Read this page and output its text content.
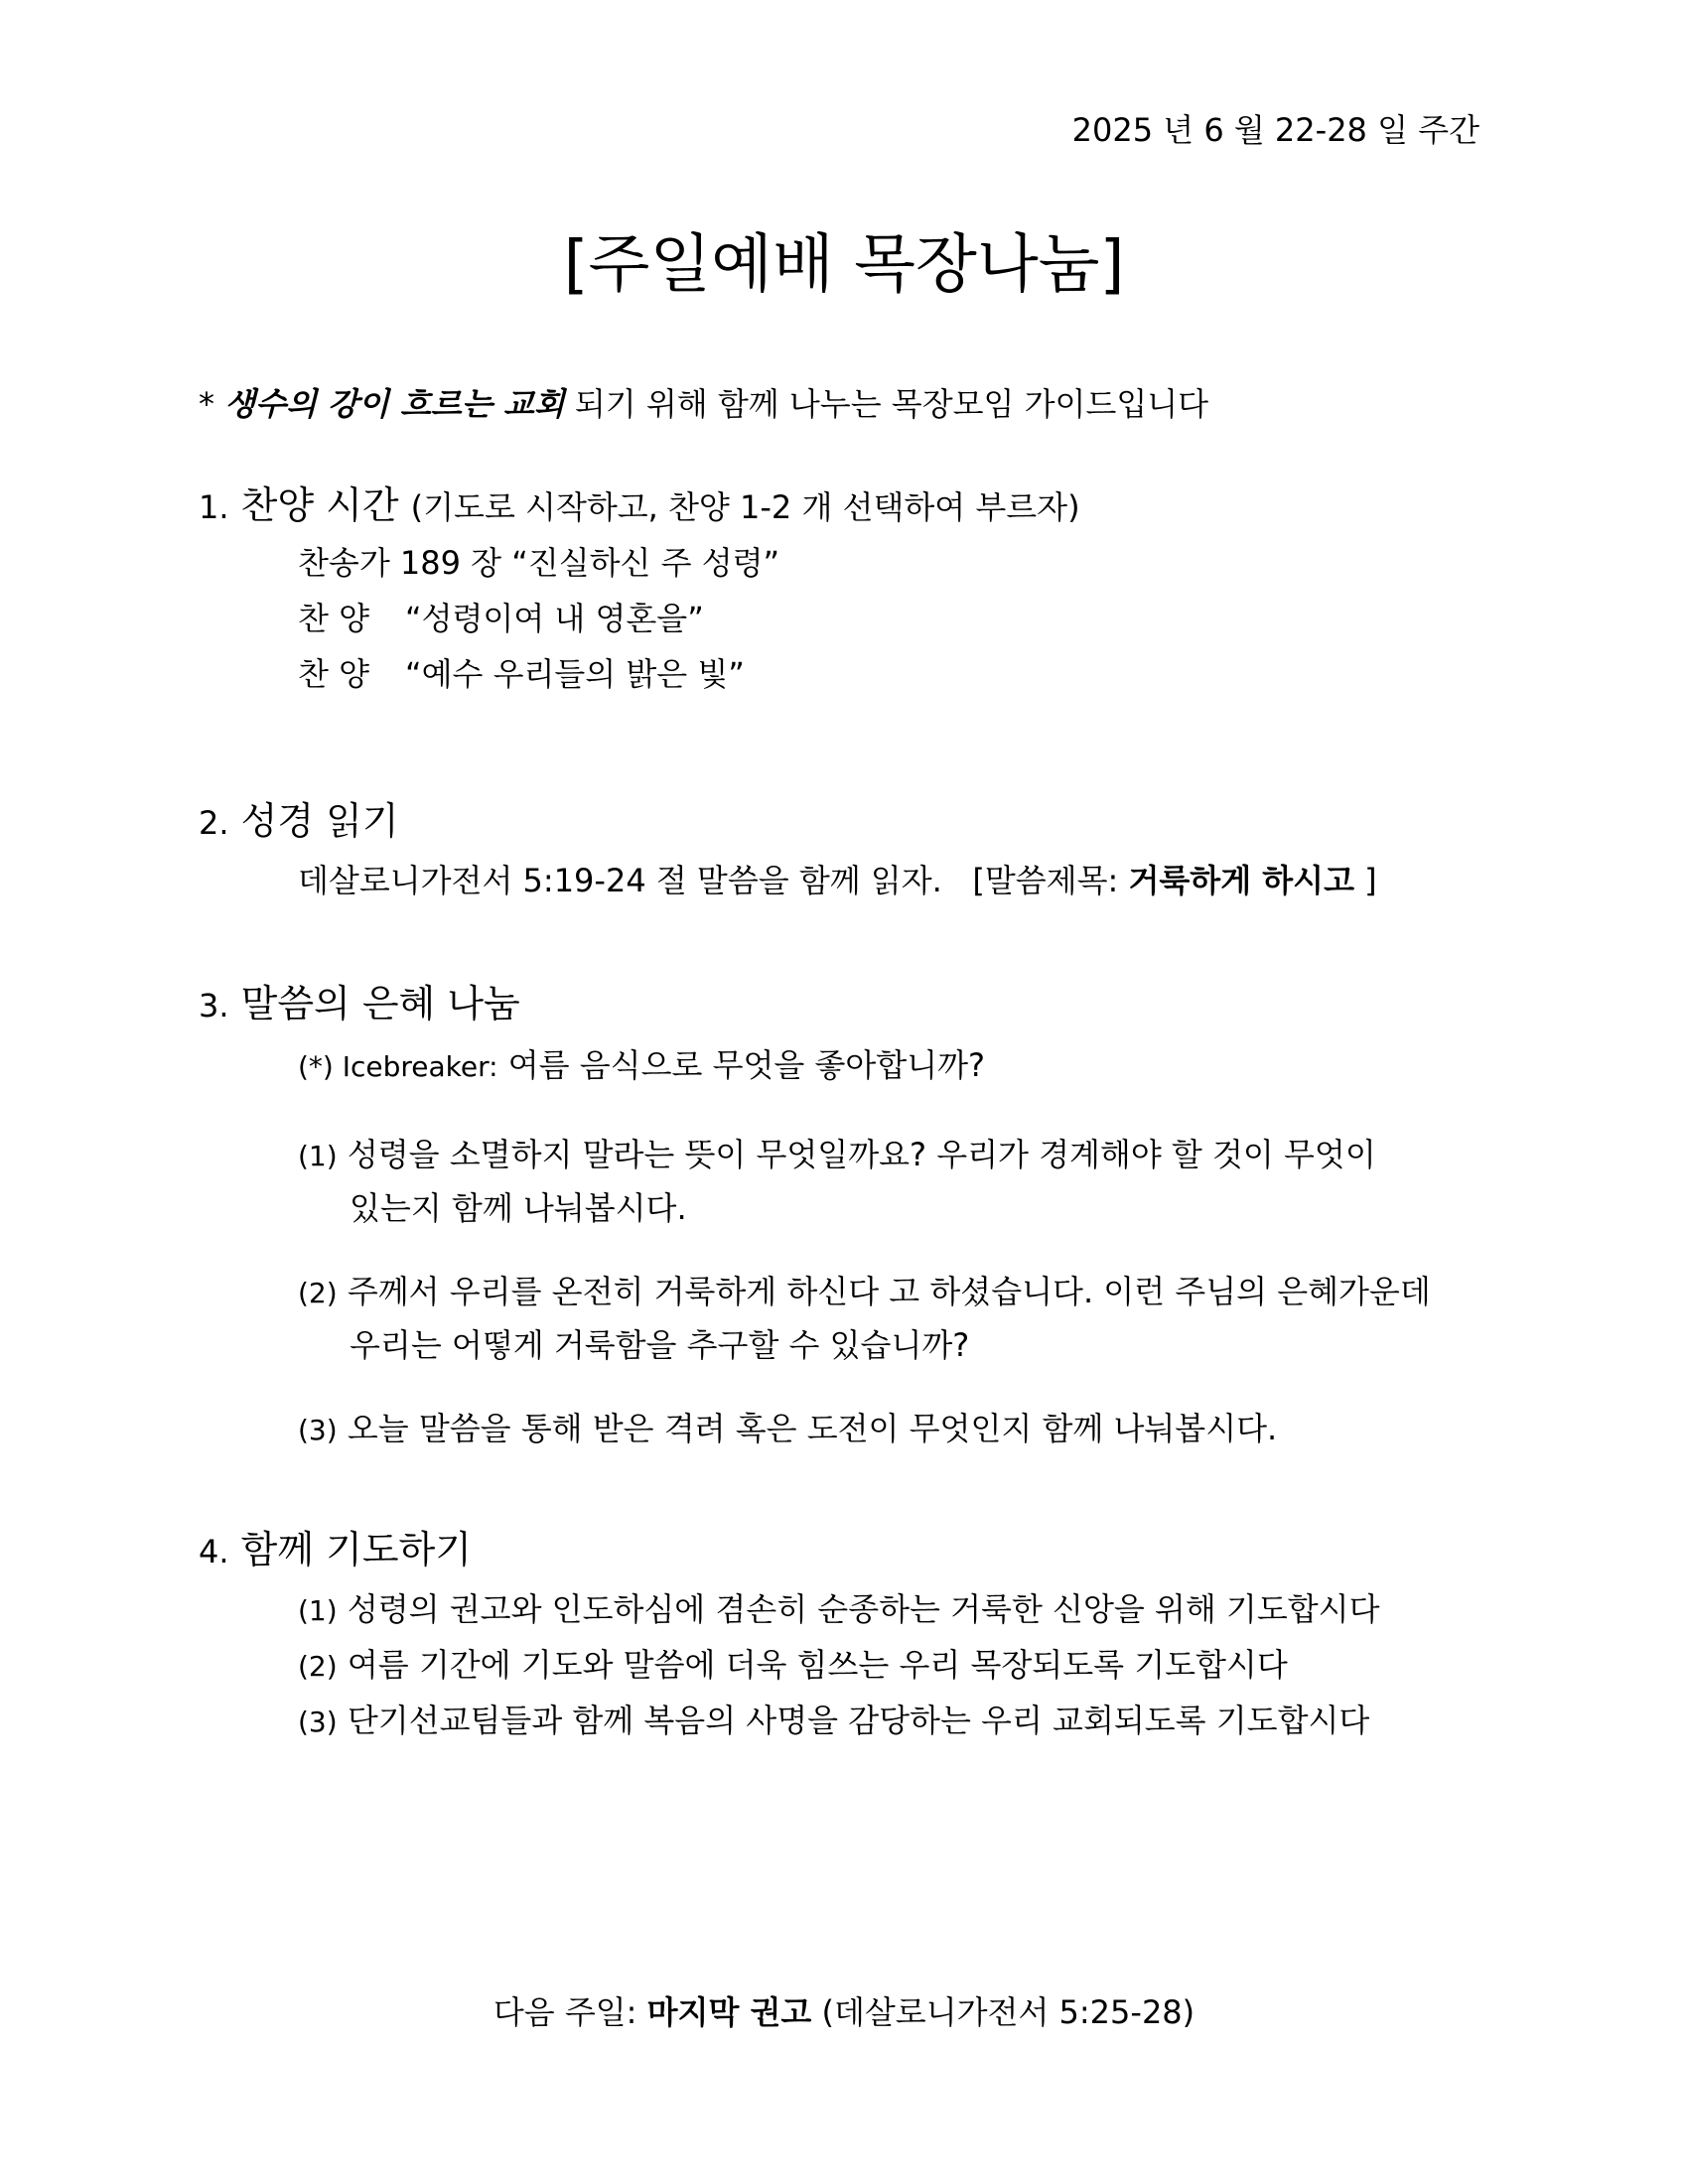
2025 년 6 월 22-28 일 주간
[주일예배 목장나눔]
* 생수의 강이 흐르는 교회 되기 위해 함께 나누는 목장모임 가이드입니다
1. 찬양 시간 (기도로 시작하고, 찬양 1-2 개 선택하여 부르자)
찬송가 189 장 “진실하신 주 성령”
찬 양 “성령이여 내 영혼을”
찬 양 “예수 우리들의 밝은 빛”
2. 성경 읽기
데살로니가전서 5:19-24 절 말씀을 함께 읽자. [말씀제목: 거룩하게 하시고 ]
3. 말씀의 은혜 나눔
(*) Icebreaker: 여름 음식으로 무엇을 좋아합니까?
(1) 성령을 소멸하지 말라는 뜻이 무엇일까요? 우리가 경계해야 할 것이 무엇이
있는지 함께 나눠봅시다.
(2) 주께서 우리를 온전히 거룩하게 하신다 고 하셨습니다. 이런 주님의 은혜가운데
우리는 어떻게 거룩함을 추구할 수 있습니까?
(3) 오늘 말씀을 통해 받은 격려 혹은 도전이 무엇인지 함께 나눠봅시다.
4. 함께 기도하기
(1) 성령의 권고와 인도하심에 겸손히 순종하는 거룩한 신앙을 위해 기도합시다
(2) 여름 기간에 기도와 말씀에 더욱 힘쓰는 우리 목장되도록 기도합시다
(3) 단기선교팀들과 함께 복음의 사명을 감당하는 우리 교회되도록 기도합시다
다음 주일: 마지막 권고 (데살로니가전서 5:25-28)
